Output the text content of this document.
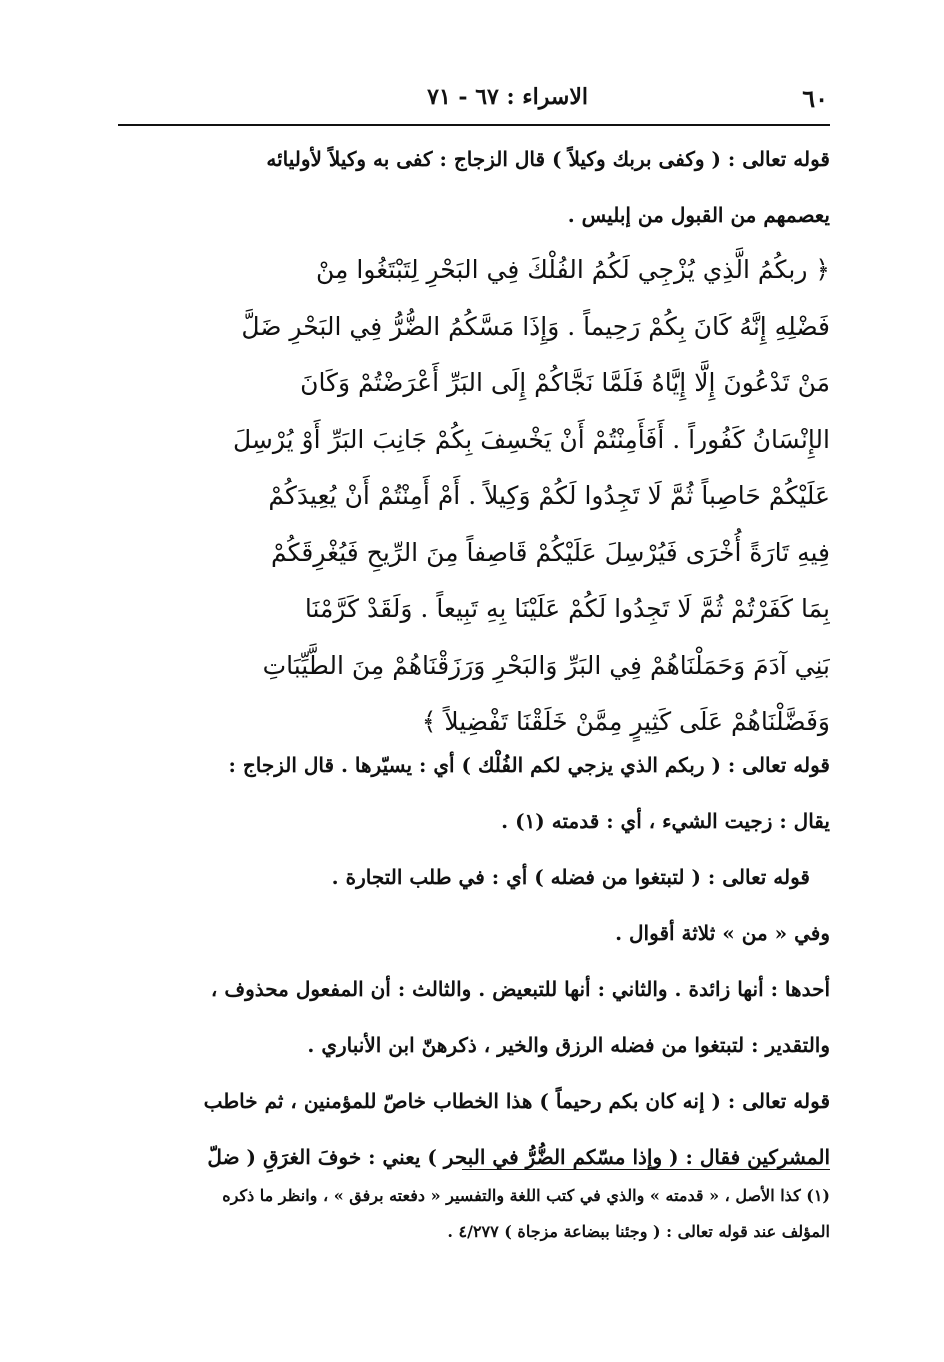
٦٠
الاسراء : ٦٧ - ٧١
قوله تعالى : ( وكفى بربك وكيلاً ) قال الزجاج : كفى به وكيلاً لأوليائه
يعصمهم من القبول من إبليس .
﴿ ربكُمُ الَّذِي يُزْجِي لَكُمُ الفُلْكَ فِي البَحْرِ لِتَبْتَغُوا مِنْ
فَضْلِهِ إِنَّهُ كَانَ بِكُمْ رَحِيماً . وَإِذَا مَسَّكُمُ الضُّرُّ فِي البَحْرِ ضَلَّ
مَنْ تَدْعُونَ إِلَّا إِيَّاهُ فَلَمَّا نَجَّاكُمْ إِلَى البَرِّ أَعْرَضْتُمْ وَكَانَ
الإِنْسَانُ كَفُوراً . أَفَأَمِنْتُمْ أَنْ يَخْسِفَ بِكُمْ جَانِبَ البَرِّ أَوْ يُرْسِلَ
عَلَيْكُمْ حَاصِباً ثُمَّ لَا تَجِدُوا لَكُمْ وَكِيلاً . أَمْ أَمِنْتُمْ أَنْ يُعِيدَكُمْ
فِيهِ تَارَةً أُخْرَى فَيُرْسِلَ عَلَيْكُمْ قَاصِفاً مِنَ الرِّيحِ فَيُغْرِقَكُمْ
بِمَا كَفَرْتُمْ ثُمَّ لَا تَجِدُوا لَكُمْ عَلَيْنَا بِهِ تَبِيعاً . وَلَقَدْ كَرَّمْنَا
بَنِي آدَمَ وَحَمَلْنَاهُمْ فِي البَرِّ وَالبَحْرِ وَرَزَقْنَاهُمْ مِنَ الطَّيِّبَاتِ
وَفَضَّلْنَاهُمْ عَلَى كَثِيرٍ مِمَّنْ خَلَقْنَا تَفْضِيلاً ﴾
قوله تعالى : ( ربكم الذي يزجي لكم الفُلْك ) أي : يسيّرها . قال الزجاج :
يقال : زجيت الشيء ، أي : قدمته (١) .
قوله تعالى : ( لتبتغوا من فضله ) أي : في طلب التجارة .
وفي « من » ثلاثة أقوال .
أحدها : أنها زائدة . والثاني : أنها للتبعيض . والثالث : أن المفعول محذوف ،
والتقدير : لتبتغوا من فضله الرزق والخير ، ذكرهنّ ابن الأنباري .
قوله تعالى : ( إنه كان بكم رحيماً ) هذا الخطاب خاصّ للمؤمنين ، ثم خاطب
المشركين فقال : ( وإذا مسّكم الضُّرُّ في البحر ) يعني : خوفَ الغرَقِ ( ضلّ
(١) كذا الأصل ، « قدمته » والذي في كتب اللغة والتفسير « دفعته برفق » ، وانظر ما ذكره
المؤلف عند قوله تعالى : ( وجئنا ببضاعة مزجاة ) ٤/٢٧٧ .
